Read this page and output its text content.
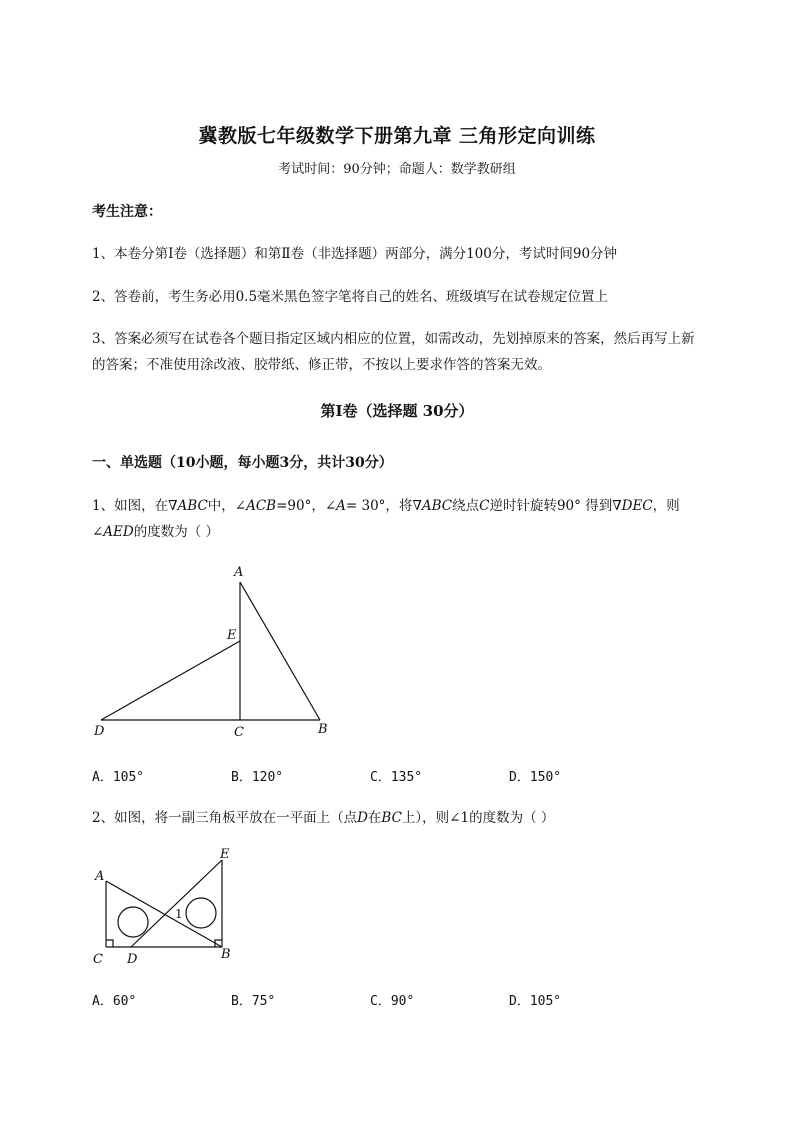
冀教版七年级数学下册第九章 三角形定向训练
考试时间：90分钟；命题人：数学教研组
考生注意：
1、本卷分第Ⅰ卷（选择题）和第Ⅱ卷（非选择题）两部分，满分100分，考试时间90分钟
2、答卷前，考生务必用0.5毫米黑色签字笔将自己的姓名、班级填写在试卷规定位置上
3、答案必须写在试卷各个题目指定区域内相应的位置，如需改动，先划掉原来的答案，然后再写上新
的答案；不准使用涂改液、胶带纸、修正带，不按以上要求作答的答案无效。
第Ⅰ卷（选择题 30分）
一、单选题（10小题，每小题3分，共计30分）
1、如图，在∇ABC中，∠ACB=90°，∠A= 30°，将∇ABC绕点C逆时针旋转90° 得到∇DEC，则
∠AED的度数为（ ）
A
E
D	C	B
A．105°	B．120°	C．135°	D．150°
2、如图，将一副三角板平放在一平面上（点D在BC上），则∠1的度数为（ ）
A
E
C D	B
1
A．60°	B．75°	C．90°	D．105°
